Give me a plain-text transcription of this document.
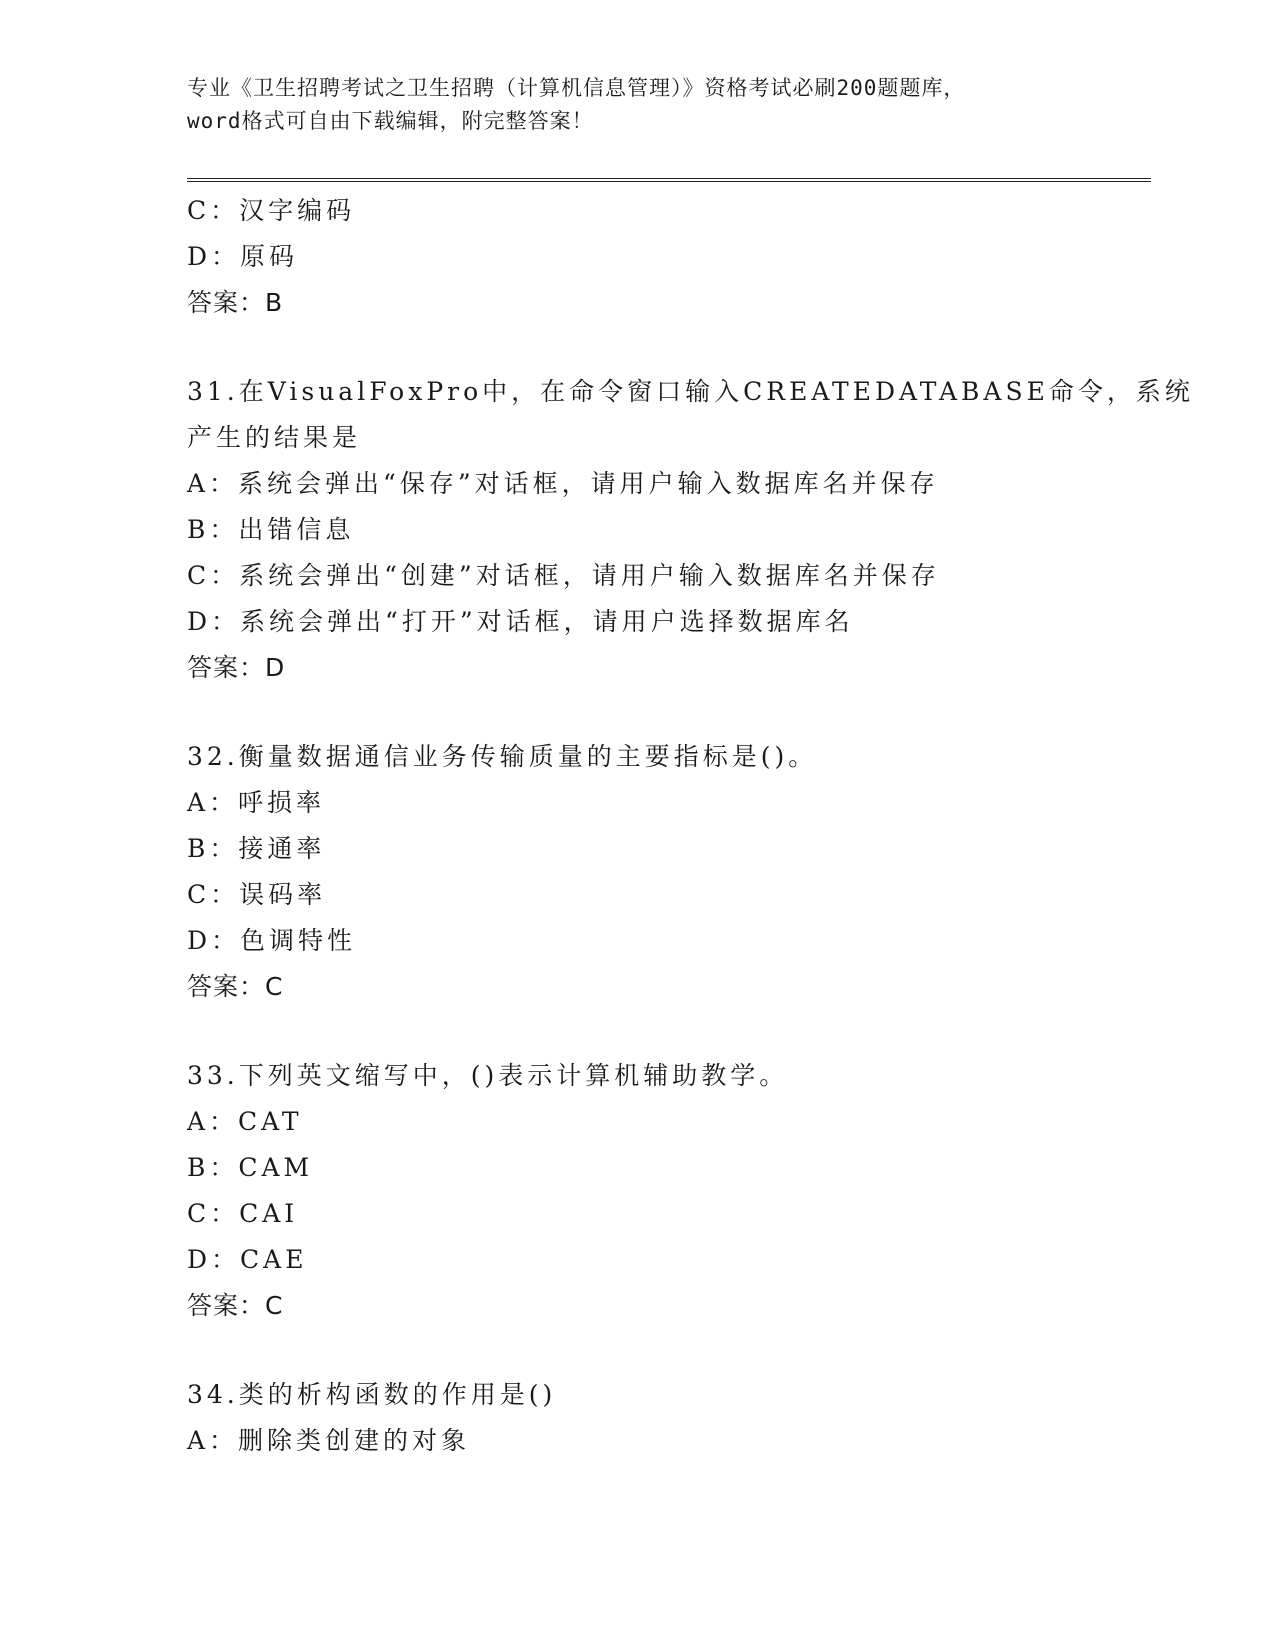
专业《卫生招聘考试之卫生招聘（计算机信息管理）》资格考试必刷200题题库，
word格式可自由下载编辑，附完整答案！
C：汉字编码
D：原码
答案：B
31.在VisualFoxPro中，在命令窗口输入CREATEDATABASE命令，系统
产生的结果是
A：系统会弹出“保存”对话框，请用户输入数据库名并保存
B：出错信息
C：系统会弹出“创建”对话框，请用户输入数据库名并保存
D：系统会弹出“打开”对话框，请用户选择数据库名
答案：D
32.衡量数据通信业务传输质量的主要指标是()。
A：呼损率
B：接通率
C：误码率
D：色调特性
答案：C
33.下列英文缩写中，()表示计算机辅助教学。
A：CAT
B：CAM
C：CAI
D：CAE
答案：C
34.类的析构函数的作用是()
A：删除类创建的对象
